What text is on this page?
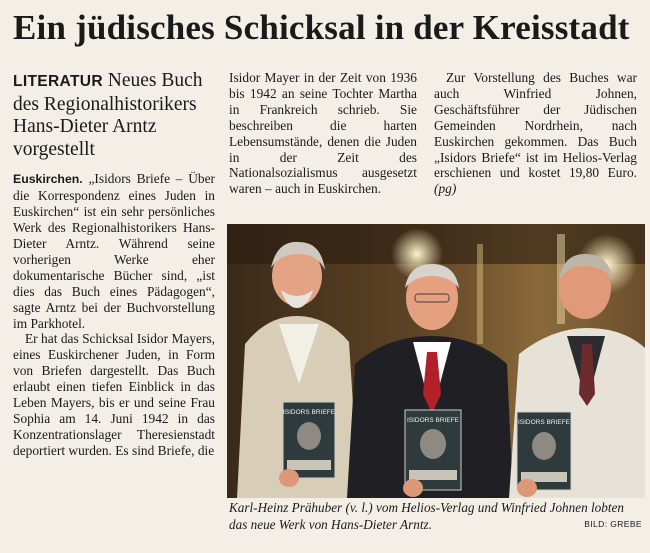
Ein jüdisches Schicksal in der Kreisstadt
LITERATUR Neues Buch des Regionalhistorikers Hans-Dieter Arntz vorgestellt

Euskirchen. „Isidors Briefe – Über die Korrespondenz eines Juden in Euskirchen“ ist ein sehr persönliches Werk des Regionalhistorikers Hans-Dieter Arntz. Während seine vorherigen Werke eher dokumentarische Bücher sind, „ist dies das Buch eines Pädagogen“, sagte Arntz bei der Buchvorstellung im Parkhotel.

Er hat das Schicksal Isidor Mayers, eines Euskirchener Juden, in Form von Briefen dargestellt. Das Buch erlaubt einen tiefen Einblick in das Leben Mayers, bis er und seine Frau Sophia am 14. Juni 1942 in das Konzentrationslager Theresienstadt deportiert wurden. Es sind Briefe, die

Isidor Mayer in der Zeit von 1936 bis 1942 an seine Tochter Martha in Frankreich schrieb. Sie beschreiben die harten Lebensumstände, denen die Juden in der Zeit des Nationalsozialismus ausgesetzt waren – auch in Euskirchen.

Zur Vorstellung des Buches war auch Winfried Johnen, Geschäftsführer der Jüdischen Gemeinden Nordrhein, nach Euskirchen gekommen. Das Buch „Isidors Briefe“ ist im Helios-Verlag erschienen und kostet 19,80 Euro. (pg)

ISIDORS BRIEFE
ISIDORS BRIEFE	ISIDORS BRIEFE
Karl-Heinz Prähuber (v. l.) vom Helios-Verlag und Winfried Johnen lobten das neue Werk von Hans-Dieter Arntz.	BILD: GREBE
